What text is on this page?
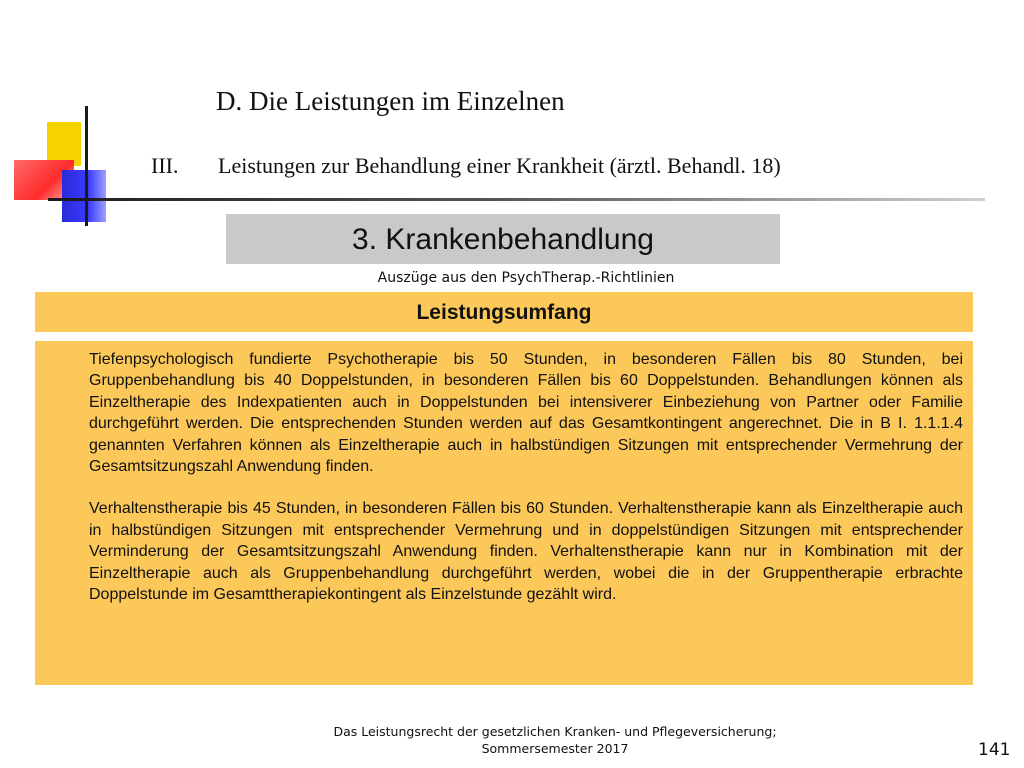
D. Die Leistungen im Einzelnen
III. Leistungen zur Behandlung einer Krankheit (ärztl. Behandl. 18)
3. Krankenbehandlung
Auszüge aus den PsychTherap.-Richtlinien
Leistungsumfang

Tiefenpsychologisch fundierte Psychotherapie bis 50 Stunden, in besonderen Fällen bis 80 Stunden, bei Gruppenbehandlung bis 40 Doppelstunden, in besonderen Fällen bis 60 Doppelstunden. Behandlungen können als Einzeltherapie des Indexpatienten auch in Doppelstunden bei intensiverer Einbeziehung von Partner oder Familie durchgeführt werden. Die entsprechenden Stunden werden auf das Gesamtkontingent angerechnet. Die in B I. 1.1.1.4 genannten Verfahren können als Einzeltherapie auch in halbstündigen Sitzungen mit entsprechender Vermehrung der Gesamtsitzungszahl Anwendung finden.

Verhaltenstherapie bis 45 Stunden, in besonderen Fällen bis 60 Stunden. Verhaltenstherapie kann als Einzeltherapie auch in halbstündigen Sitzungen mit entsprechender Vermehrung und in doppelstündigen Sitzungen mit entsprechender Verminderung der Gesamtsitzungszahl Anwendung finden. Verhaltenstherapie kann nur in Kombination mit der Einzeltherapie auch als Gruppenbehandlung durchgeführt werden, wobei die in der Gruppentherapie erbrachte Doppelstunde im Gesamttherapiekontingent als Einzelstunde gezählt wird.

Das Leistungsrecht der gesetzlichen Kranken- und Pflegeversicherung;
Sommersemester 2017	141
